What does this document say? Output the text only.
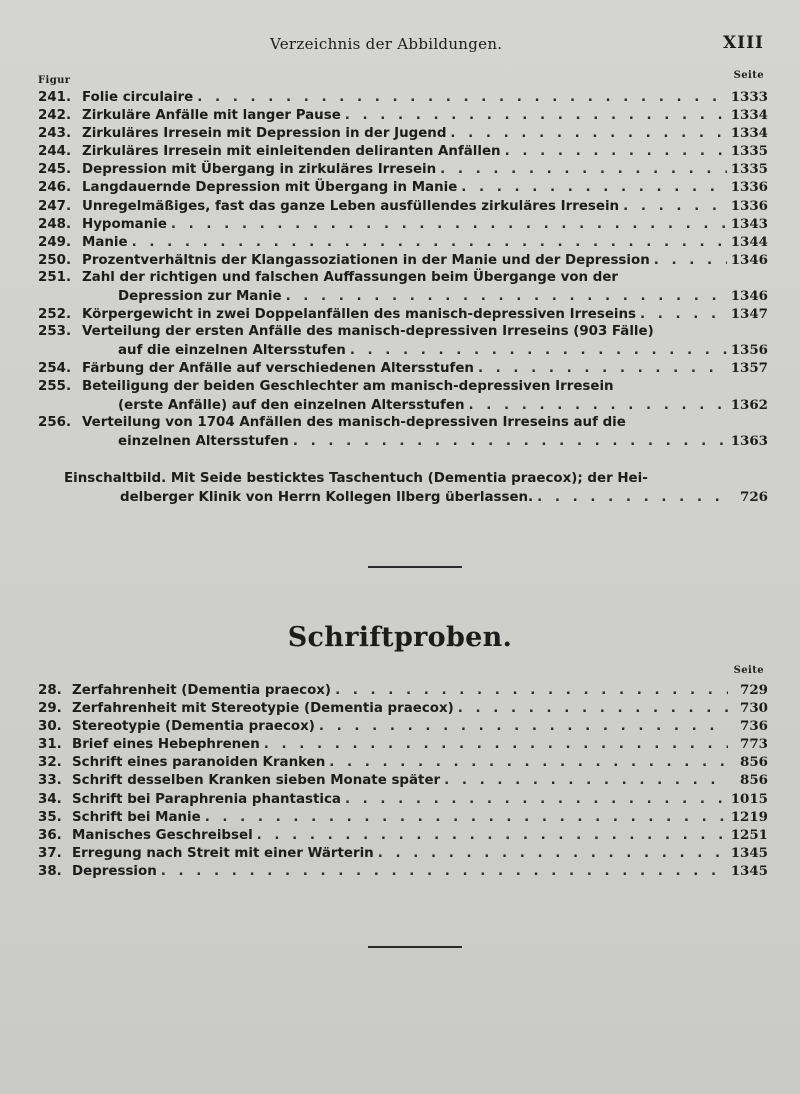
Verzeichnis der Abbildungen.	XIII
Figur	Seite
241. Folie circulaire . . .	1333
242. Zirkuläre Anfälle mit langer Pause . . .	1334
243. Zirkuläres Irresein mit Depression in der Jugend . . .	1334
244. Zirkuläres Irresein mit einleitenden deliranten Anfällen . . .	1335
245. Depression mit Übergang in zirkuläres Irresein . . .	1335
246. Langdauernde Depression mit Übergang in Manie . . .	1336
247. Unregelmäßiges, fast das ganze Leben ausfüllendes zirkuläres Irresein . . .	1336
248. Hypomanie . . .	1343
249. Manie . . .	1344
250. Prozentverhältnis der Klangassoziationen in der Manie und der Depression . . .	1346
251. Zahl der richtigen und falschen Auffassungen beim Übergange von der
Depression zur Manie . . .	1346
252. Körpergewicht in zwei Doppelanfällen des manisch-depressiven Irreseins . . .	1347
253. Verteilung der ersten Anfälle des manisch-depressiven Irreseins (903 Fälle)
auf die einzelnen Altersstufen . . .	1356
254. Färbung der Anfälle auf verschiedenen Altersstufen . . .	1357
255. Beteiligung der beiden Geschlechter am manisch-depressiven Irresein
(erste Anfälle) auf den einzelnen Altersstufen . . .	1362
256. Verteilung von 1704 Anfällen des manisch-depressiven Irreseins auf die
einzelnen Altersstufen . . .	1363
Einschaltbild. Mit Seide besticktes Taschentuch (Dementia praecox); der Hei-
delberger Klinik von Herrn Kollegen Ilberg überlassen. . . .	726
Schriftproben.
Seite
28. Zerfahrenheit (Dementia praecox) . . .	729
29. Zerfahrenheit mit Stereotypie (Dementia praecox) . . .	730
30. Stereotypie (Dementia praecox) . . .	736
31. Brief eines Hebephrenen . . .	773
32. Schrift eines paranoiden Kranken . . .	856
33. Schrift desselben Kranken sieben Monate später . . .	856
34. Schrift bei Paraphrenia phantastica . . .	1015
35. Schrift bei Manie . . .	1219
36. Manisches Geschreibsel . . .	1251
37. Erregung nach Streit mit einer Wärterin . . .	1345
38. Depression . . .	1345
